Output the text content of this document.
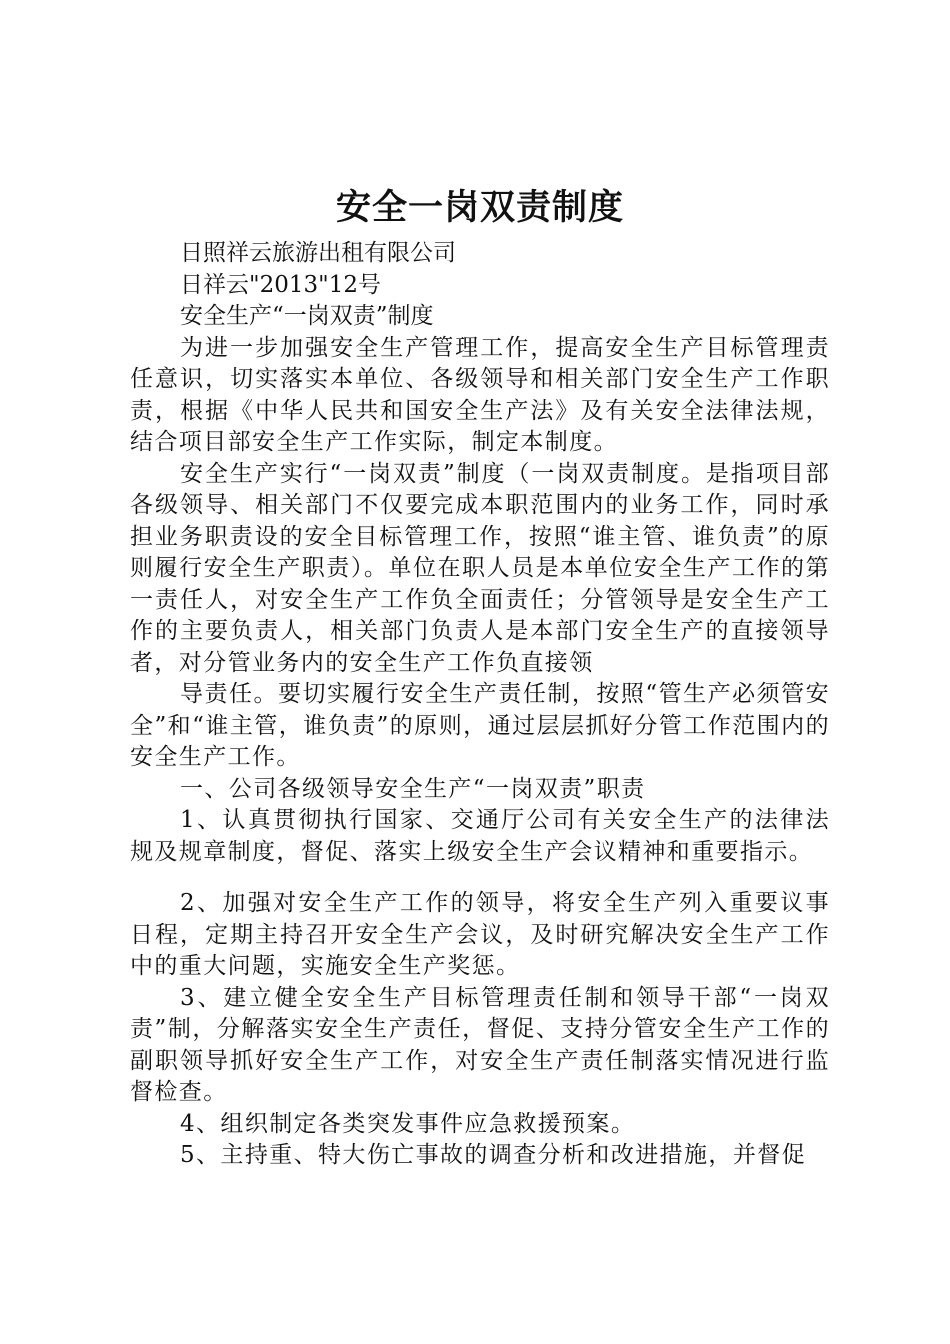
安全一岗双责制度

日照祥云旅游出租有限公司

日祥云"2013"12号

安全生产“一岗双责”制度

为进一步加强安全生产管理工作，提高安全生产目标管理责任意识，切实落实本单位、各级领导和相关部门安全生产工作职责，根据《中华人民共和国安全生产法》及有关安全法律法规，结合项目部安全生产工作实际，制定本制度。

安全生产实行“一岗双责”制度（一岗双责制度。是指项目部各级领导、相关部门不仅要完成本职范围内的业务工作，同时承担业务职责设的安全目标管理工作，按照“谁主管、谁负责”的原则履行安全生产职责）。单位在职人员是本单位安全生产工作的第一责任人，对安全生产工作负全面责任；分管领导是安全生产工作的主要负责人，相关部门负责人是本部门安全生产的直接领导者，对分管业务内的安全生产工作负直接领

导责任。要切实履行安全生产责任制，按照“管生产必须管安全”和“谁主管，谁负责”的原则，通过层层抓好分管工作范围内的安全生产工作。

一、公司各级领导安全生产“一岗双责”职责

1、认真贯彻执行国家、交通厅公司有关安全生产的法律法规及规章制度，督促、落实上级安全生产会议精神和重要指示。

2、加强对安全生产工作的领导，将安全生产列入重要议事日程，定期主持召开安全生产会议，及时研究解决安全生产工作中的重大问题，实施安全生产奖惩。

3、建立健全安全生产目标管理责任制和领导干部“一岗双责”制，分解落实安全生产责任，督促、支持分管安全生产工作的副职领导抓好安全生产工作，对安全生产责任制落实情况进行监督检查。

4、组织制定各类突发事件应急救援预案。

5、主持重、特大伤亡事故的调查分析和改进措施，并督促
